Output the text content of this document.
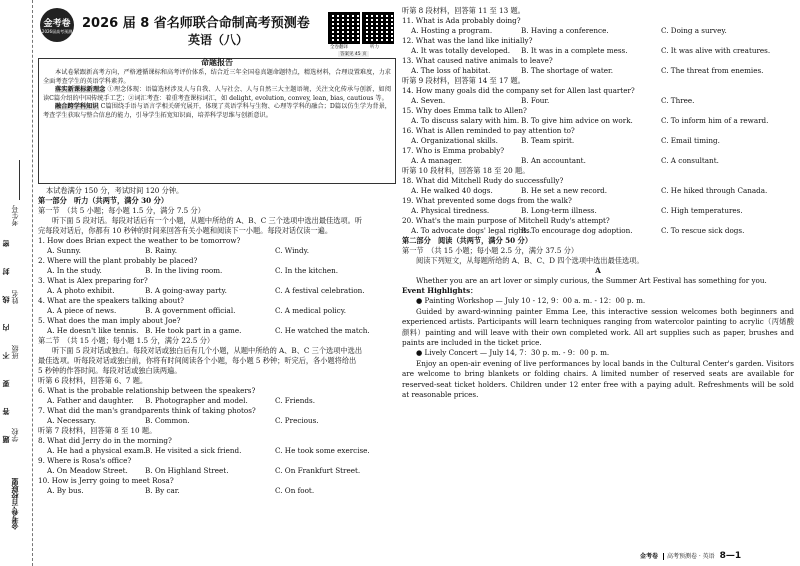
考生号
密
封
线
内
不
要
答
题
姓名
班级
学校
金考卷·百校联盟
金考卷
2026届高考预测 2026 届 8 省名师联合命制高考预测卷
英语（八）
全卷翻译	听力
答案见 45 页
命题报告
本试卷紧跟新高考方向，严格遵循课标和高考评价体系，结合近三年全国卷真题命题特点，精选材料，合理设置难度，力求全面考查学生的英语学科素养。
落实新课标新理念 ①理念体现：语篇选材涉及人与自我、人与社会、人与自然三大主题语境，关注文化传承与创新，如阅读C篇介绍的中国传统手工艺；②词汇考查：着重考查课标词汇，如 delight, evolution, convey, lean, bias, cautious 等。
融合跨学科知识 C篇围绕手语与语言学相关研究展开，体现了英语学科与生物、心理等学科的融合；D篇以仿生学为背景，考查学生获取与整合信息的能力，引导学生拓宽知识面，培养科学思维与创新意识。
本试卷满分 150 分，考试时间 120 分钟。
第一部分　听力（共两节，满分 30 分）
第一节　（共 5 小题；每小题 1.5 分，满分 7.5 分）
听下面 5 段对话。每段对话后有一个小题，从题中所给的 A、B、C 三个选项中选出最佳选项。听
完每段对话后，你都有 10 秒钟的时间来回答有关小题和阅读下一小题。每段对话仅读一遍。
1. How does Brian expect the weather to be tomorrow?
A. Sunny.	B. Rainy.	C. Windy.
2. Where will the plant probably be placed?
A. In the study.	B. In the living room.	C. In the kitchen.
3. What is Alex preparing for?
A. A photo exhibit.	B. A going-away party.	C. A festival celebration.
4. What are the speakers talking about?
A. A piece of news.	B. A government official.	C. A medical policy.
5. What does the man imply about Joe?
A. He doesn't like tennis. B. He took part in a game.	C. He watched the match.
第二节　（共 15 小题；每小题 1.5 分，满分 22.5 分）
听下面 5 段对话或独白。每段对话或独白后有几个小题，从题中所给的 A、B、C 三个选项中选出
最佳选项。听每段对话或独白前，你将有时间阅读各个小题，每小题 5 秒钟；听完后，各小题将给出
5 秒钟的作答时间。每段对话或独白读两遍。
听第 6 段材料，回答第 6、7 题。
6. What is the probable relationship between the speakers?
A. Father and daughter.	B. Photographer and model.	C. Friends.
7. What did the man's grandparents think of taking photos?
A. Necessary.	B. Common.	C. Precious.
听第 7 段材料，回答第 8 至 10 题。
8. What did Jerry do in the morning?
A. He had a physical exam. B. He visited a sick friend.	C. He took some exercise.
9. Where is Rosa's office?
A. On Meadow Street.	B. On Highland Street.	C. On Frankfurt Street.
10. How is Jerry going to meet Rosa?
A. By bus.	B. By car.	C. On foot.
听第 8 段材料，回答第 11 至 13 题。
11. What is Ada probably doing?
A. Hosting a program.	B. Having a conference.	C. Doing a survey.
12. What was the land like initially?
A. It was totally developed.	B. It was in a complete mess.	C. It was alive with creatures.
13. What caused native animals to leave?
A. The loss of habitat.	B. The shortage of water.	C. The threat from enemies.
听第 9 段材料，回答第 14 至 17 题。
14. How many goals did the company set for Allen last quarter?
A. Seven.	B. Four.	C. Three.
15. Why does Emma talk to Allen?
A. To discuss salary with him. B. To give him advice on work.	C. To inform him of a reward.
16. What is Allen reminded to pay attention to?
A. Organizational skills.	B. Team spirit.	C. Email timing.
17. Who is Emma probably?
A. A manager.	B. An accountant.	C. A consultant.
听第 10 段材料，回答第 18 至 20 题。
18. What did Mitchell Rudy do successfully?
A. He walked 40 dogs.	B. He set a new record.	C. He hiked through Canada.
19. What prevented some dogs from the walk?
A. Physical tiredness.	B. Long-term illness.	C. High temperatures.
20. What's the main purpose of Mitchell Rudy's attempt?
A. To advocate dogs' legal rights.
B. To encourage dog adoption.	C. To rescue sick dogs.
第二部分　阅读（共两节，满分 50 分）
第一节　（共 15 小题；每小题 2.5 分，满分 37.5 分）
阅读下列短文，从每题所给的 A、B、C、D 四个选项中选出最佳选项。
A
Whether you are an art lover or simply curious, the Summer Art Festival has something for you.
Event Highlights：
● Painting Workshop — July 10 - 12, 9：00 a. m. - 12：00 p. m.
Guided by award-winning painter Emma Lee, this interactive session welcomes both beginners and experienced artists. Participants will learn techniques ranging from watercolor painting to acrylic（丙烯酸颜料）painting and will leave with their own completed work. All art supplies such as paper, brushes and paints are included in the ticket price.
● Lively Concert — July 14, 7：30 p. m. - 9：00 p. m.
Enjoy an open-air evening of live performances by local bands in the Cultural Center's garden. Visitors are welcome to bring blankets or folding chairs. A limited number of reserved seats are available for reserved-seat ticket holders. Children under 12 enter free with a paying adult. Refreshments will be sold at reasonable prices.
金考卷 高考预测卷 · 英语 8—1
